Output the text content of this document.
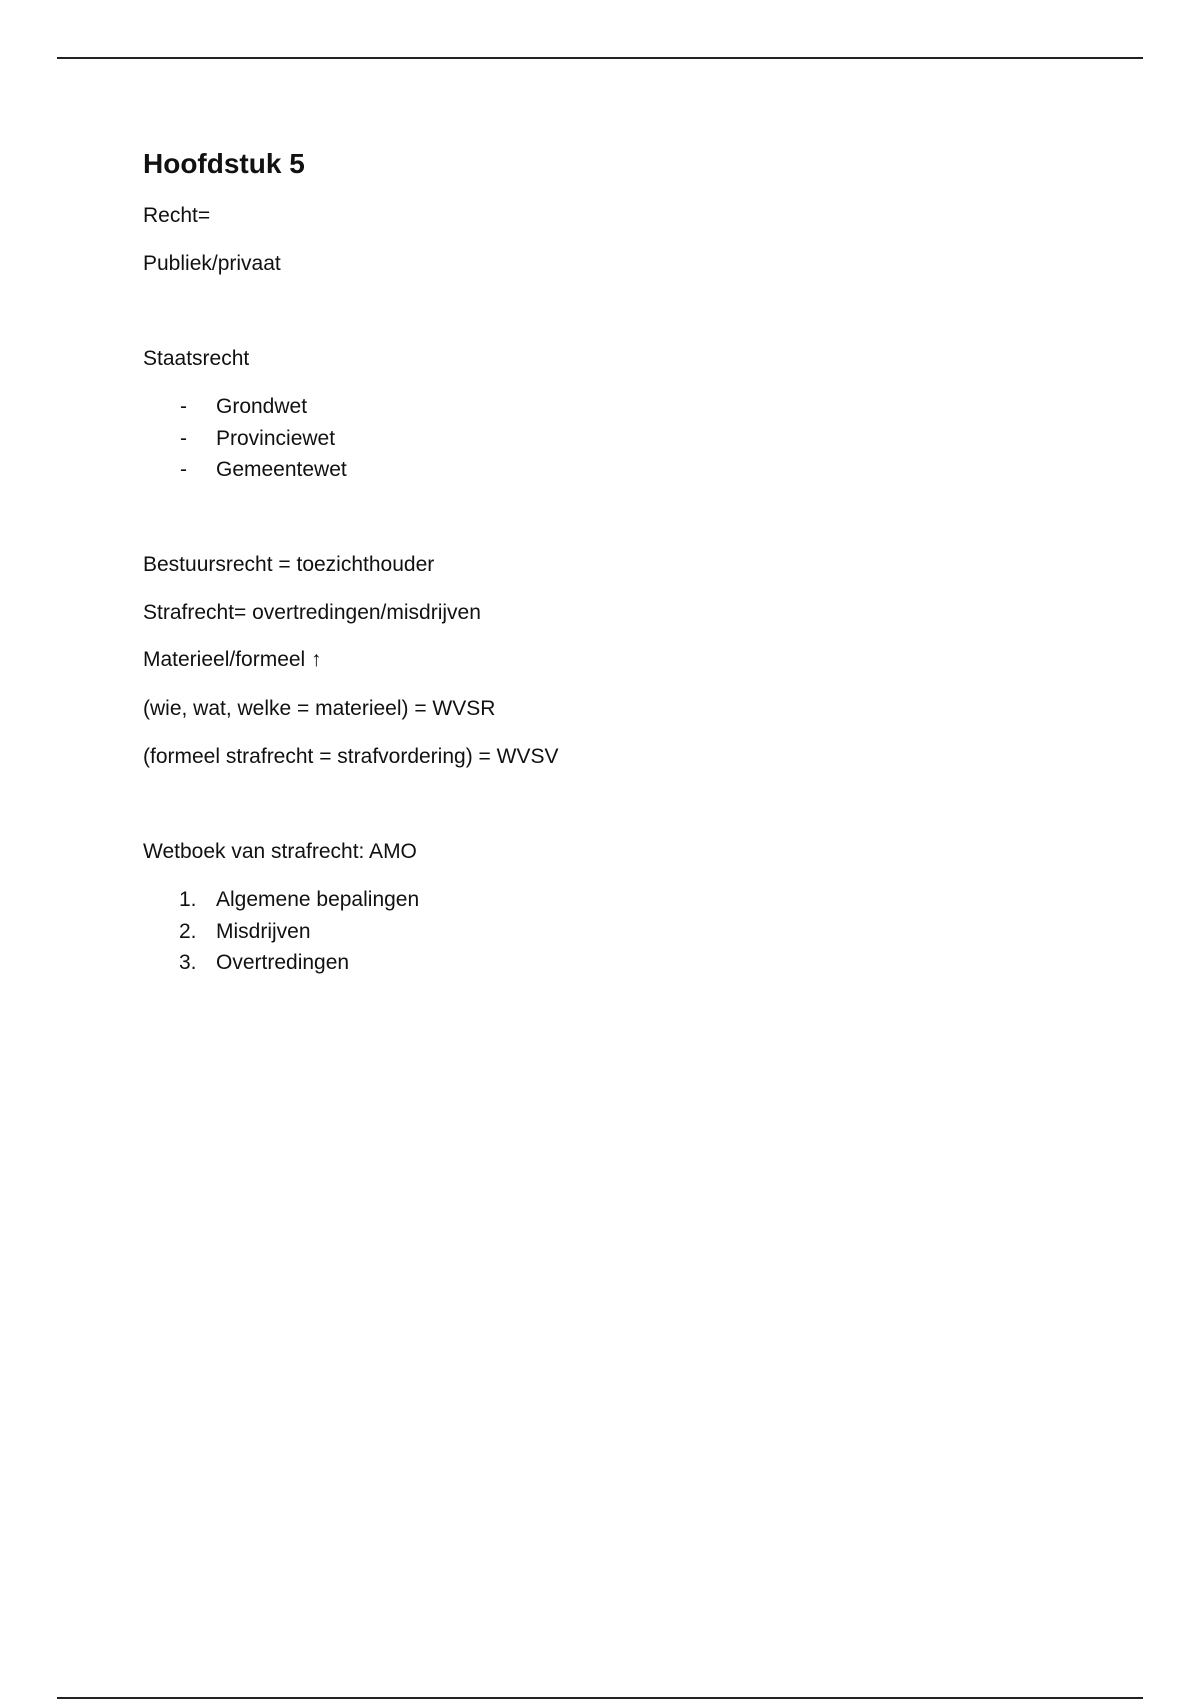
Hoofdstuk 5

Recht=

Publiek/privaat

Staatsrecht

- Grondwet
- Provinciewet
- Gemeentewet

Bestuursrecht = toezichthouder

Strafrecht= overtredingen/misdrijven

Materieel/formeel ↑

(wie, wat, welke = materieel) = WVSR

(formeel strafrecht = strafvordering) = WVSV

Wetboek van strafrecht: AMO

1. Algemene bepalingen
2. Misdrijven
3. Overtredingen
